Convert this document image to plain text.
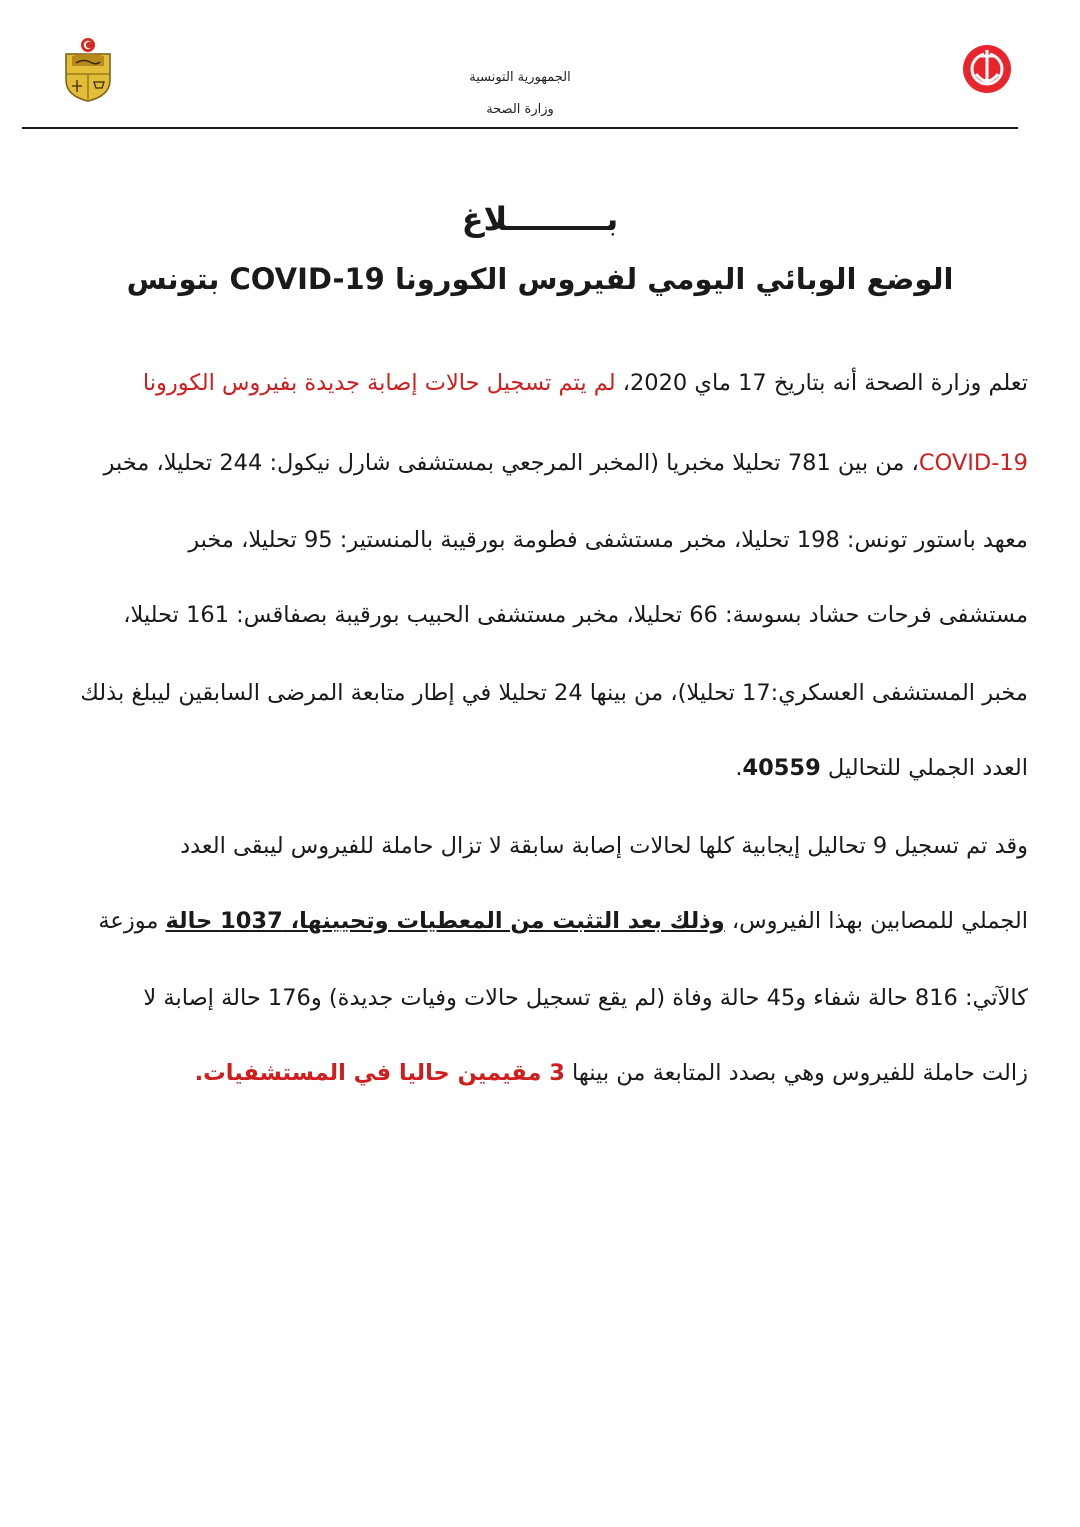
الجمهورية التونسية
وزارة الصحة
بـــــــــلاغ
الوضع الوبائي اليومي لفيروس الكورونا COVID-19 بتونس
تعلم وزارة الصحة أنه بتاريخ 17 ماي 2020، لم يتم تسجيل حالات إصابة جديدة بفيروس الكورونا
COVID-19، من بين 781 تحليلا مخبريا (المخبر المرجعي بمستشفى شارل نيكول: 244 تحليلا، مخبر
معهد باستور تونس: 198 تحليلا، مخبر مستشفى فطومة بورقيبة بالمنستير: 95 تحليلا، مخبر
مستشفى فرحات حشاد بسوسة: 66 تحليلا، مخبر مستشفى الحبيب بورقيبة بصفاقس: 161 تحليلا،
مخبر المستشفى العسكري:17 تحليلا)، من بينها 24 تحليلا في إطار متابعة المرضى السابقين ليبلغ بذلك
العدد الجملي للتحاليل 40559.
وقد تم تسجيل 9 تحاليل إيجابية كلها لحالات إصابة سابقة لا تزال حاملة للفيروس ليبقى العدد
الجملي للمصابين بهذا الفيروس، وذلك بعد التثبت من المعطيات وتحيينها، 1037 حالة موزعة
كالآتي: 816 حالة شفاء و45 حالة وفاة (لم يقع تسجيل حالات وفيات جديدة) و176 حالة إصابة لا
زالت حاملة للفيروس وهي بصدد المتابعة من بينها 3 مقيمين حاليا في المستشفيات.
